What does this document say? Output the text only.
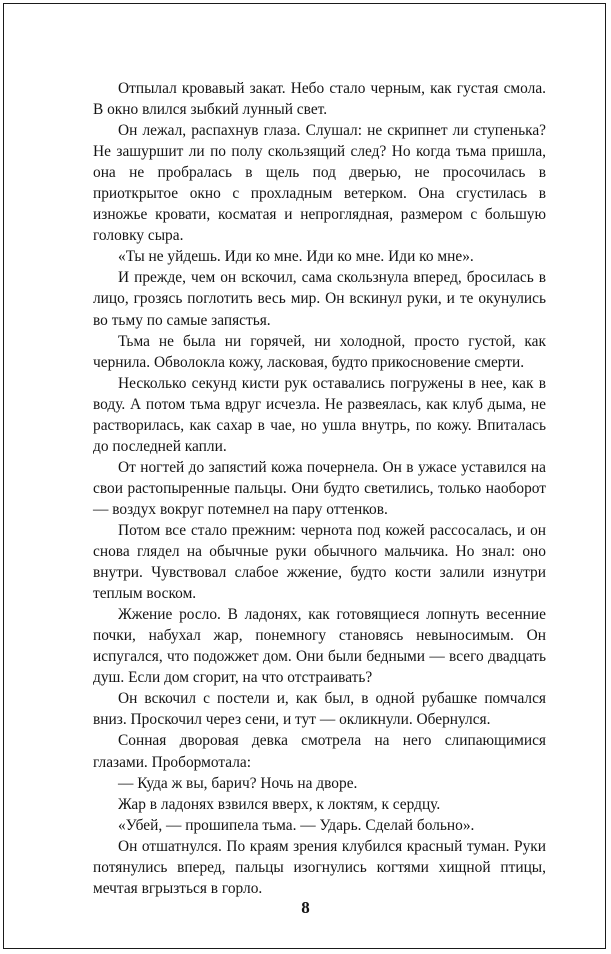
Отпылал кровавый закат. Небо стало черным, как густая смола. В окно влился зыбкий лунный свет.

Он лежал, распахнув глаза. Слушал: не скрипнет ли ступенька? Не зашуршит ли по полу скользящий след? Но когда тьма пришла, она не пробралась в щель под дверью, не просочилась в приоткрытое окно с прохладным ветерком. Она сгустилась в изножье кровати, косматая и непроглядная, размером с большую головку сыра.

«Ты не уйдешь. Иди ко мне. Иди ко мне. Иди ко мне».

И прежде, чем он вскочил, сама скользнула вперед, бросилась в лицо, грозясь поглотить весь мир. Он вскинул руки, и те окунулись во тьму по самые запястья.

Тьма не была ни горячей, ни холодной, просто густой, как чернила. Обволокла кожу, ласковая, будто прикосновение смерти.

Несколько секунд кисти рук оставались погружены в нее, как в воду. А потом тьма вдруг исчезла. Не развеялась, как клуб дыма, не растворилась, как сахар в чае, но ушла внутрь, по кожу. Впиталась до последней капли.

От ногтей до запястий кожа почернела. Он в ужасе уставился на свои растопыренные пальцы. Они будто светились, только наоборот — воздух вокруг потемнел на пару оттенков.

Потом все стало прежним: чернота под кожей рассосалась, и он снова глядел на обычные руки обычного мальчика. Но знал: оно внутри. Чувствовал слабое жжение, будто кости залили изнутри теплым воском.

Жжение росло. В ладонях, как готовящиеся лопнуть весенние почки, набухал жар, понемногу становясь невыносимым. Он испугался, что подожжет дом. Они были бедными — всего двадцать душ. Если дом сгорит, на что отстраивать?

Он вскочил с постели и, как был, в одной рубашке помчался вниз. Проскочил через сени, и тут — окликнули. Обернулся.

Сонная дворовая девка смотрела на него слипающимися глазами. Пробормотала:

— Куда ж вы, барич? Ночь на дворе.

Жар в ладонях взвился вверх, к локтям, к сердцу.

«Убей, — прошипела тьма. — Ударь. Сделай больно».

Он отшатнулся. По краям зрения клубился красный туман. Руки потянулись вперед, пальцы изогнулись когтями хищной птицы, мечтая вгрызться в горло.

8
